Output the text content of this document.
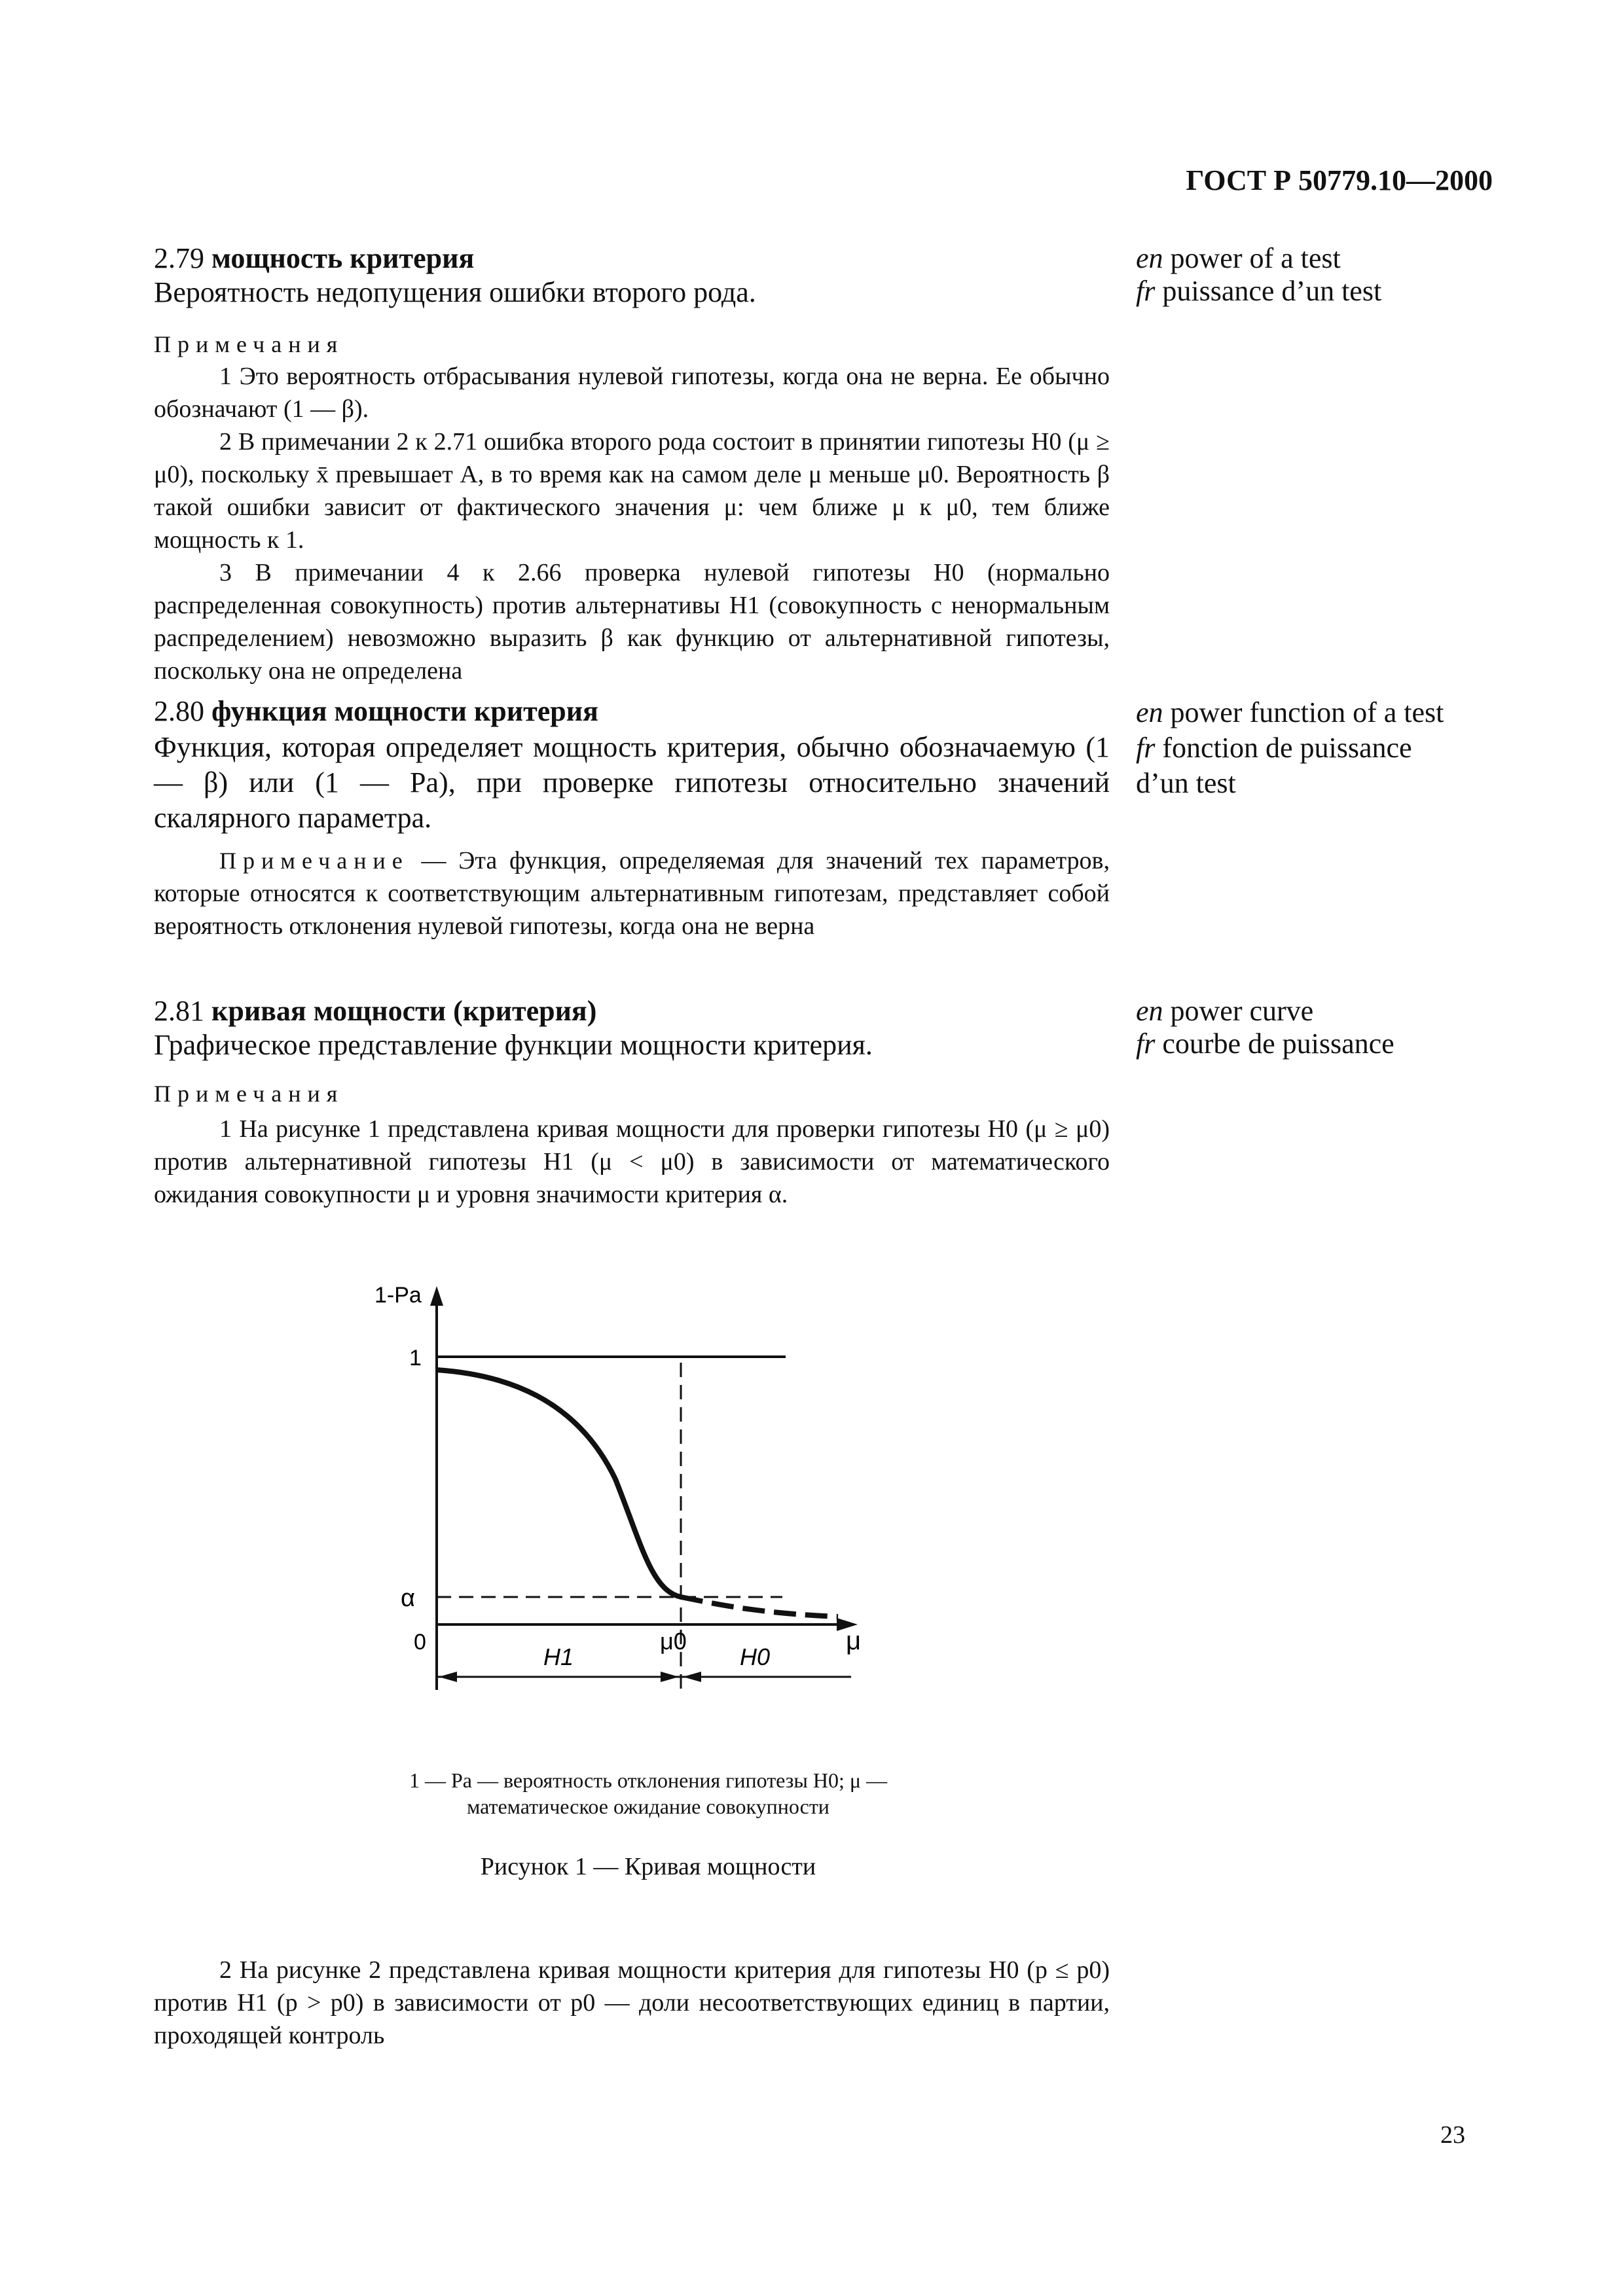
ГОСТ Р 50779.10—2000
2.79 мощность критерия
Вероятность недопущения ошибки второго рода.
en power of a test
fr puissance d’un test
Примечания

1 Это вероятность отбрасывания нулевой гипотезы, когда она не верна. Ее обычно обозначают (1 — β).

2 В примечании 2 к 2.71 ошибка второго рода состоит в принятии гипотезы H0 (μ ≥ μ0), поскольку x̄ превышает A, в то время как на самом деле μ меньше μ0. Вероятность β такой ошибки зависит от фактического значения μ: чем ближе μ к μ0, тем ближе мощность к 1.

3 В примечании 4 к 2.66 проверка нулевой гипотезы H0 (нормально распределенная совокупность) против альтернативы H1 (совокупность с ненормальным распределением) невозможно выразить β как функцию от альтернативной гипотезы, поскольку она не определена

2.80 функция мощности критерия
Функция, которая определяет мощность критерия, обычно обозначаемую (1 — β) или (1 — Pa), при проверке гипотезы относительно значений скалярного параметра.
en power function of a test
fr fonction de puissance
d’un test

Примечание — Эта функция, определяемая для значений тех параметров, которые относятся к соответствующим альтернативным гипотезам, представляет собой вероятность отклонения нулевой гипотезы, когда она не верна

2.81 кривая мощности (критерия)
Графическое представление функции мощности критерия.
en power curve
fr courbe de puissance
Примечания

1 На рисунке 1 представлена кривая мощности для проверки гипотезы H0 (μ ≥ μ0) против альтернативной гипотезы H1 (μ < μ0) в зависимости от математического ожидания совокупности μ и уровня значимости критерия α.

1-Pa
1
α
0	μ0	μ
H1	H0
1 — Pa — вероятность отклонения гипотезы H0; μ — математическое ожидание совокупности
Рисунок 1 — Кривая мощности

2 На рисунке 2 представлена кривая мощности критерия для гипотезы H0 (p ≤ p0) против H1 (p > p0) в зависимости от p0 — доли несоответствующих единиц в партии, проходящей контроль

23
